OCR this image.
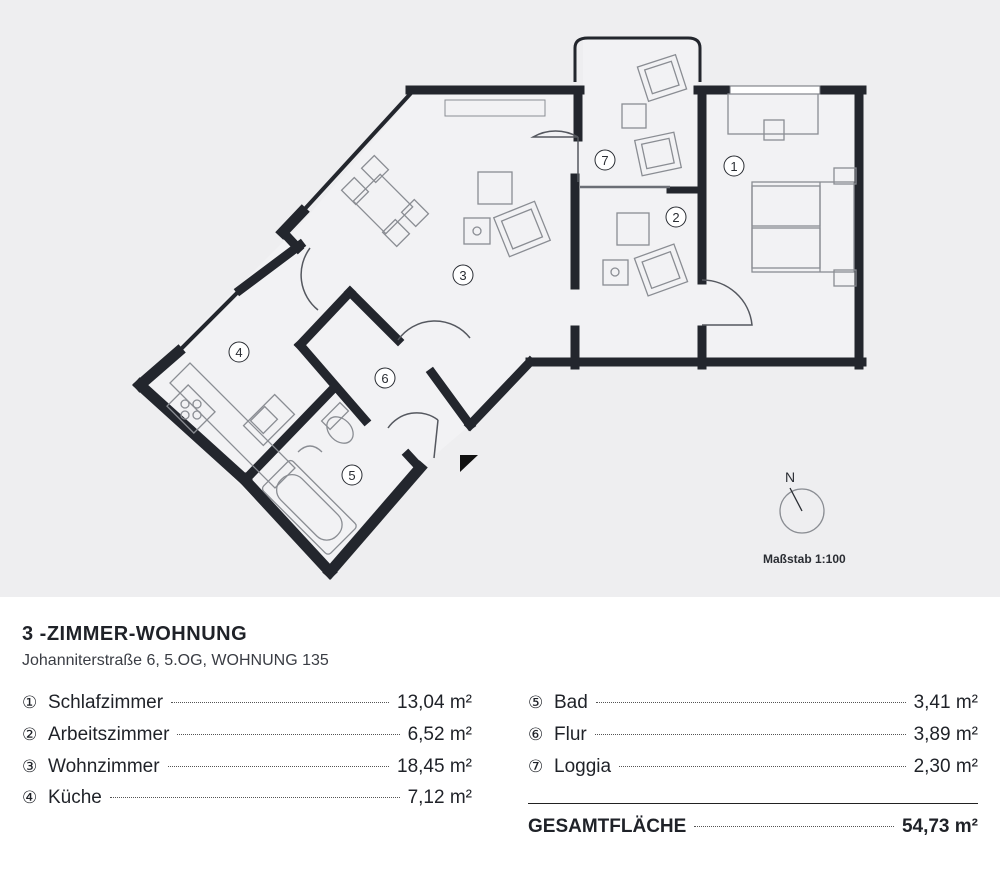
1
2
3
4
5
6
7
N
Maßstab 1:100
3 -ZIMMER-WOHNUNG
Johanniterstraße 6, 5.OG, WOHNUNG 135
① Schlafzimmer	13,04 m²
② Arbeitszimmer	6,52 m²
③ Wohnzimmer	18,45 m²
④ Küche	7,12 m²
⑤ Bad	3,41 m²
⑥ Flur	3,89 m²
⑦ Loggia	2,30 m²
GESAMTFLÄCHE	54,73 m²
